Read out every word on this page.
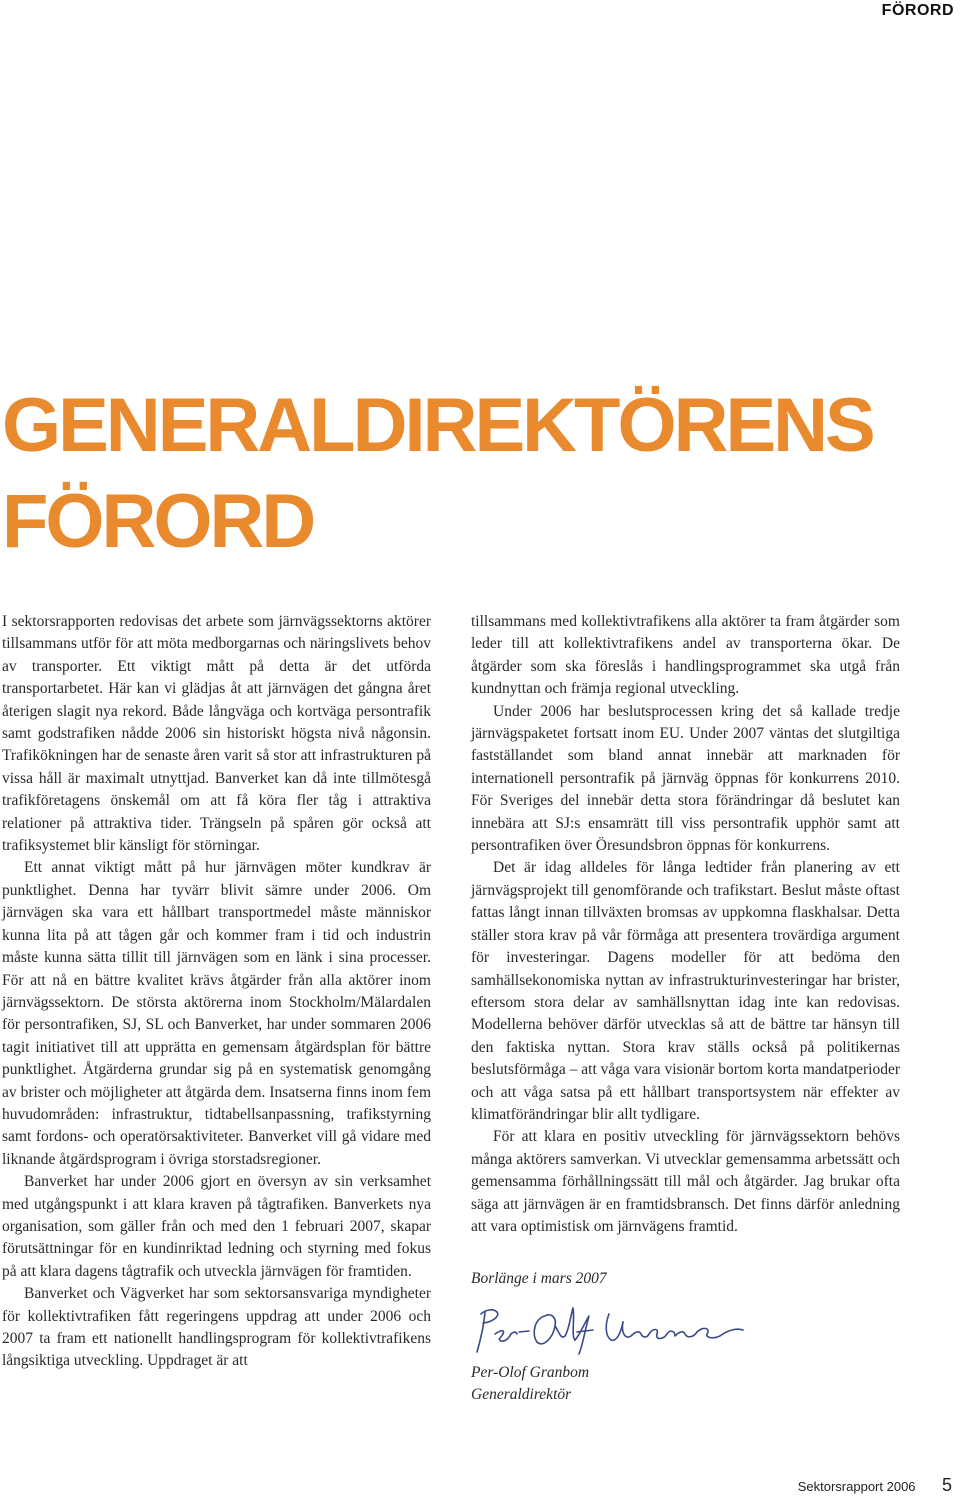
FÖRORD
GENERALDIREKTÖRENS
FÖRORD

I sektorsrapporten redovisas det arbete som järnvägssektorns aktörer tillsammans utför för att möta medborgarnas och näringslivets behov av transporter. Ett viktigt mått på detta är det utförda transportarbetet. Här kan vi glädjas åt att järnvägen det gångna året återigen slagit nya rekord. Både långväga och kortväga persontrafik samt godstrafiken nådde 2006 sin historiskt högsta nivå någonsin. Trafikökningen har de senaste åren varit så stor att infrastrukturen på vissa håll är maximalt utnyttjad. Banverket kan då inte tillmötesgå trafikföretagens önskemål om att få köra fler tåg i attraktiva relationer på attraktiva tider. Trängseln på spåren gör också att trafiksystemet blir känsligt för störningar.

Ett annat viktigt mått på hur järnvägen möter kundkrav är punktlighet. Denna har tyvärr blivit sämre under 2006. Om järnvägen ska vara ett hållbart transportmedel måste människor kunna lita på att tågen går och kommer fram i tid och industrin måste kunna sätta tillit till järnvägen som en länk i sina processer. För att nå en bättre kvalitet krävs åtgärder från alla aktörer inom järnvägssektorn. De största aktörerna inom Stockholm/Mälardalen för persontrafiken, SJ, SL och Banverket, har under sommaren 2006 tagit initiativet till att upprätta en gemensam åtgärdsplan för bättre punktlighet. Åtgärderna grundar sig på en systematisk genomgång av brister och möjligheter att åtgärda dem. Insatserna finns inom fem huvudområden: infrastruktur, tidtabellsanpassning, trafikstyrning samt fordons- och operatörsaktiviteter. Banverket vill gå vidare med liknande åtgärdsprogram i övriga storstadsregioner.

Banverket har under 2006 gjort en översyn av sin verksamhet med utgångspunkt i att klara kraven på tågtrafiken. Banverkets nya organisation, som gäller från och med den 1 februari 2007, skapar förutsättningar för en kundinriktad ledning och styrning med fokus på att klara dagens tågtrafik och utveckla järnvägen för framtiden.

Banverket och Vägverket har som sektorsansvariga myndigheter för kollektivtrafiken fått regeringens uppdrag att under 2006 och 2007 ta fram ett nationellt handlingsprogram för kollektivtrafikens långsiktiga utveckling. Uppdraget är att

tillsammans med kollektivtrafikens alla aktörer ta fram åtgärder som leder till att kollektivtrafikens andel av transporterna ökar. De åtgärder som ska föreslås i handlingsprogrammet ska utgå från kundnyttan och främja regional utveckling.

Under 2006 har beslutsprocessen kring det så kallade tredje järnvägspaketet fortsatt inom EU. Under 2007 väntas det slutgiltiga fastställandet som bland annat innebär att marknaden för internationell persontrafik på järnväg öppnas för konkurrens 2010. För Sveriges del innebär detta stora förändringar då beslutet kan innebära att SJ:s ensamrätt till viss persontrafik upphör samt att persontrafiken över Öresundsbron öppnas för konkurrens.

Det är idag alldeles för långa ledtider från planering av ett järnvägsprojekt till genomförande och trafikstart. Beslut måste oftast fattas långt innan tillväxten bromsas av uppkomna flaskhalsar. Detta ställer stora krav på vår förmåga att presentera trovärdiga argument för investeringar. Dagens modeller för att bedöma den samhällsekonomiska nyttan av infrastrukturinvesteringar har brister, eftersom stora delar av samhällsnyttan idag inte kan redovisas. Modellerna behöver därför utvecklas så att de bättre tar hänsyn till den faktiska nyttan. Stora krav ställs också på politikernas beslutsförmåga – att våga vara visionär bortom korta mandatperioder och att våga satsa på ett hållbart transportsystem när effekter av klimatförändringar blir allt tydligare.

För att klara en positiv utveckling för järnvägssektorn behövs många aktörers samverkan. Vi utvecklar gemensamma arbetssätt och gemensamma förhållningssätt till mål och åtgärder. Jag brukar ofta säga att järnvägen är en framtidsbransch. Det finns därför anledning att vara optimistisk om järnvägens framtid.

Borlänge i mars 2007
Per-Olof Granbom
Generaldirektör
Sektorsrapport 2006 5
